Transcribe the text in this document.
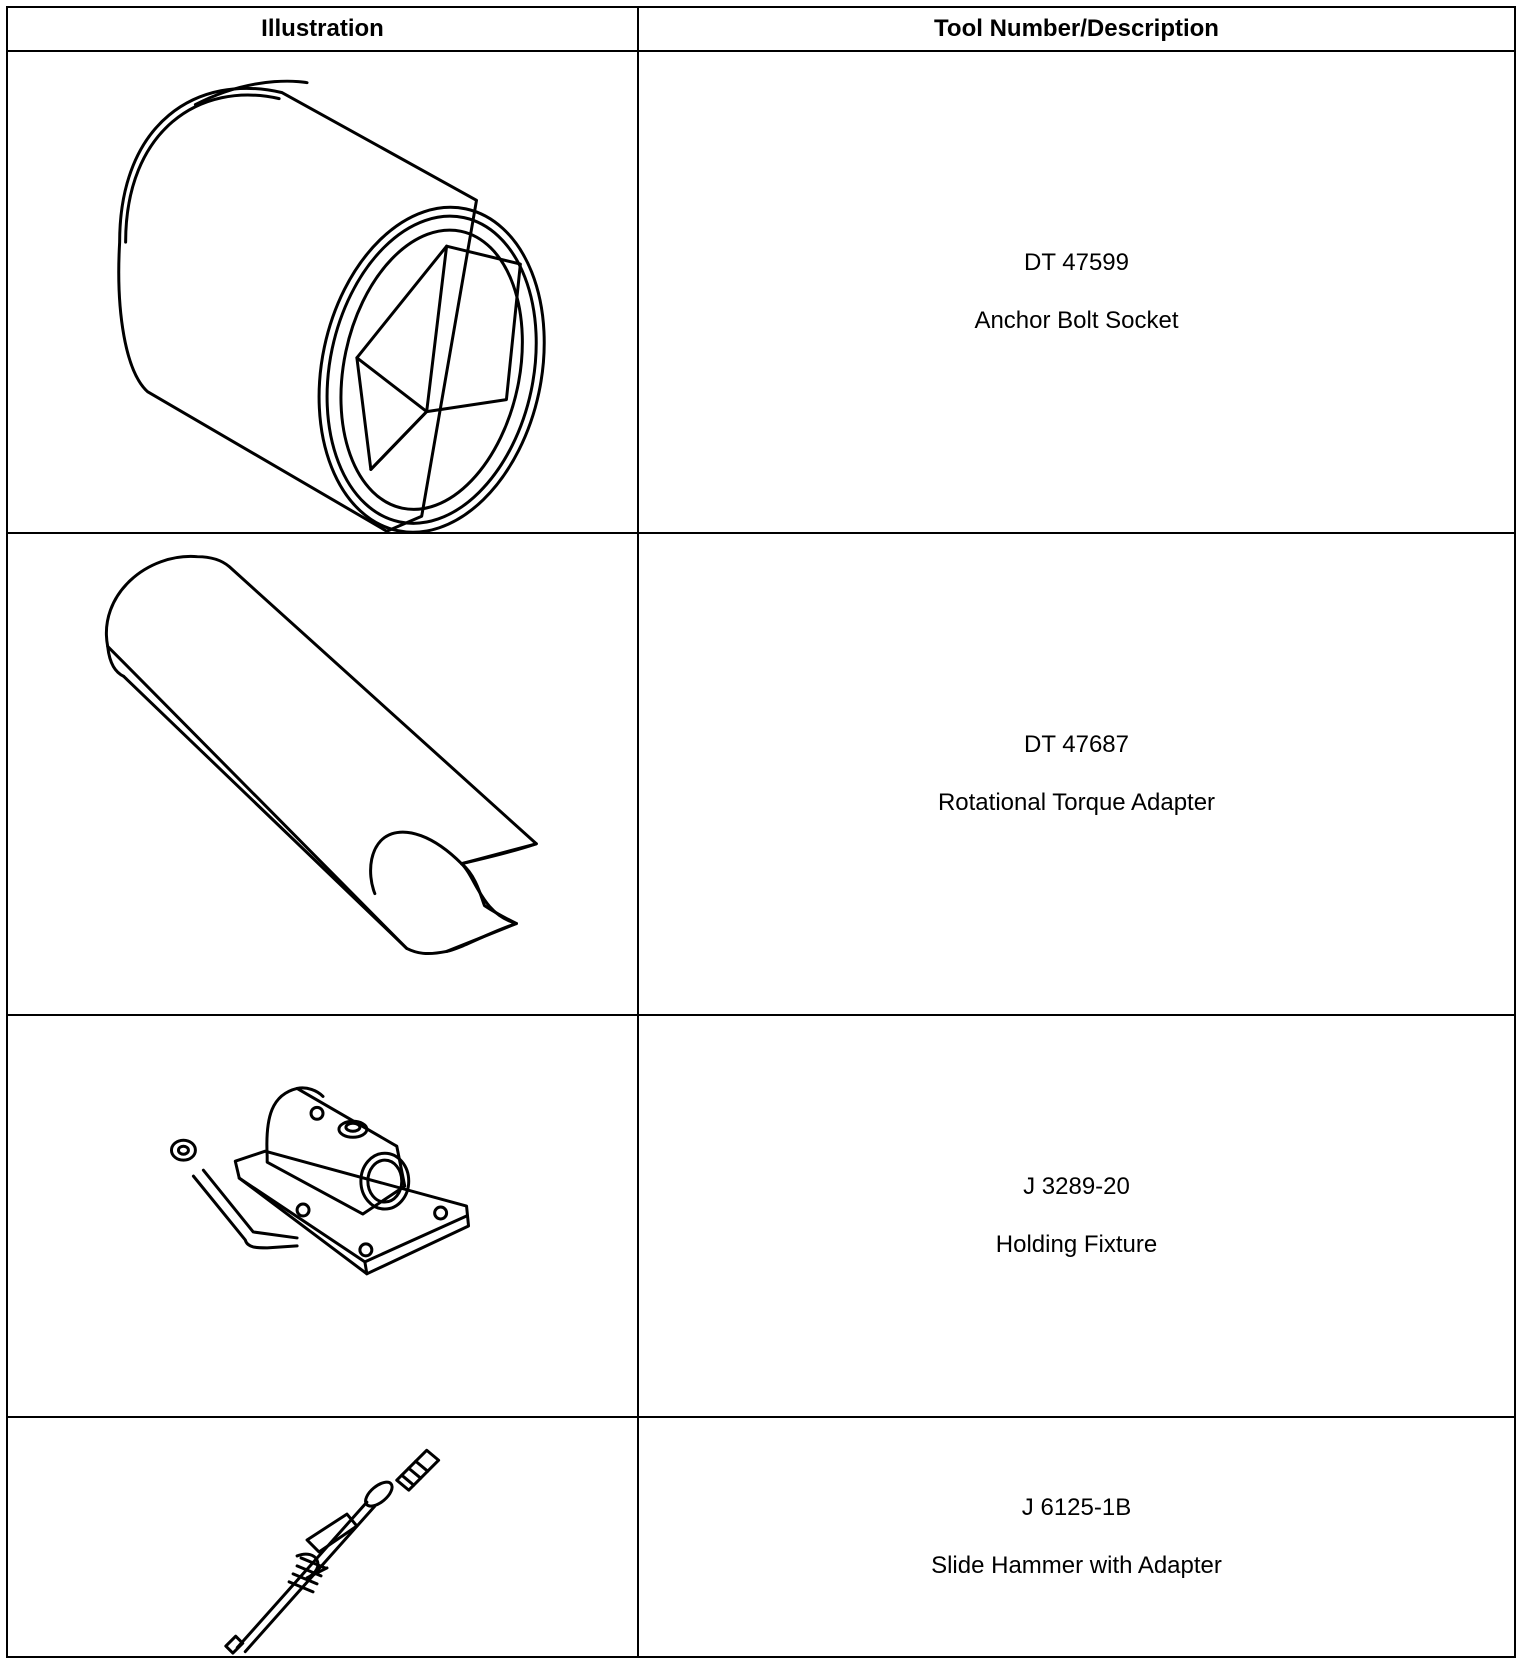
Illustration	Tool Number/Description

DT 47599
Anchor Bolt Socket

DT 47687
Rotational Torque Adapter

J 3289-20
Holding Fixture

J 6125-1B
Slide Hammer with Adapter
